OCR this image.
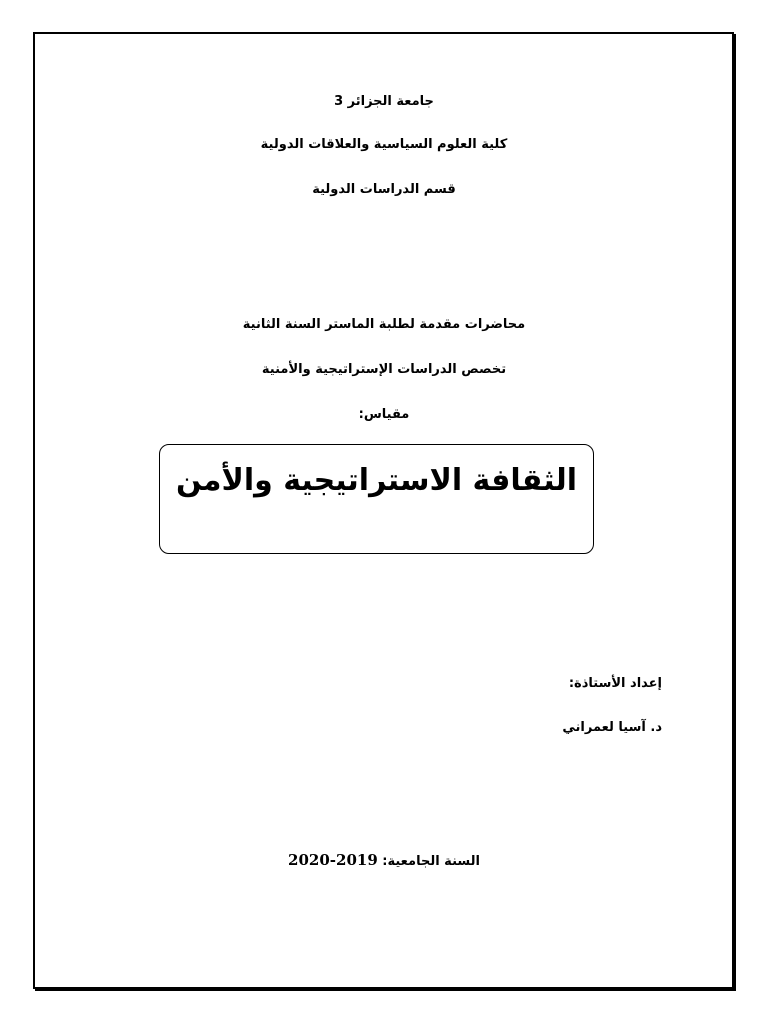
جامعة الجزائر 3
كلية العلوم السياسية والعلاقات الدولية
قسم الدراسات الدولية
محاضرات مقدمة لطلبة الماستر السنة الثانية
تخصص الدراسات الإستراتيجية والأمنية
مقياس:
الثقافة الاستراتيجية والأمن
إعداد الأستاذة:
د. آسيا لعمراني
السنة الجامعية: 2020-2019
